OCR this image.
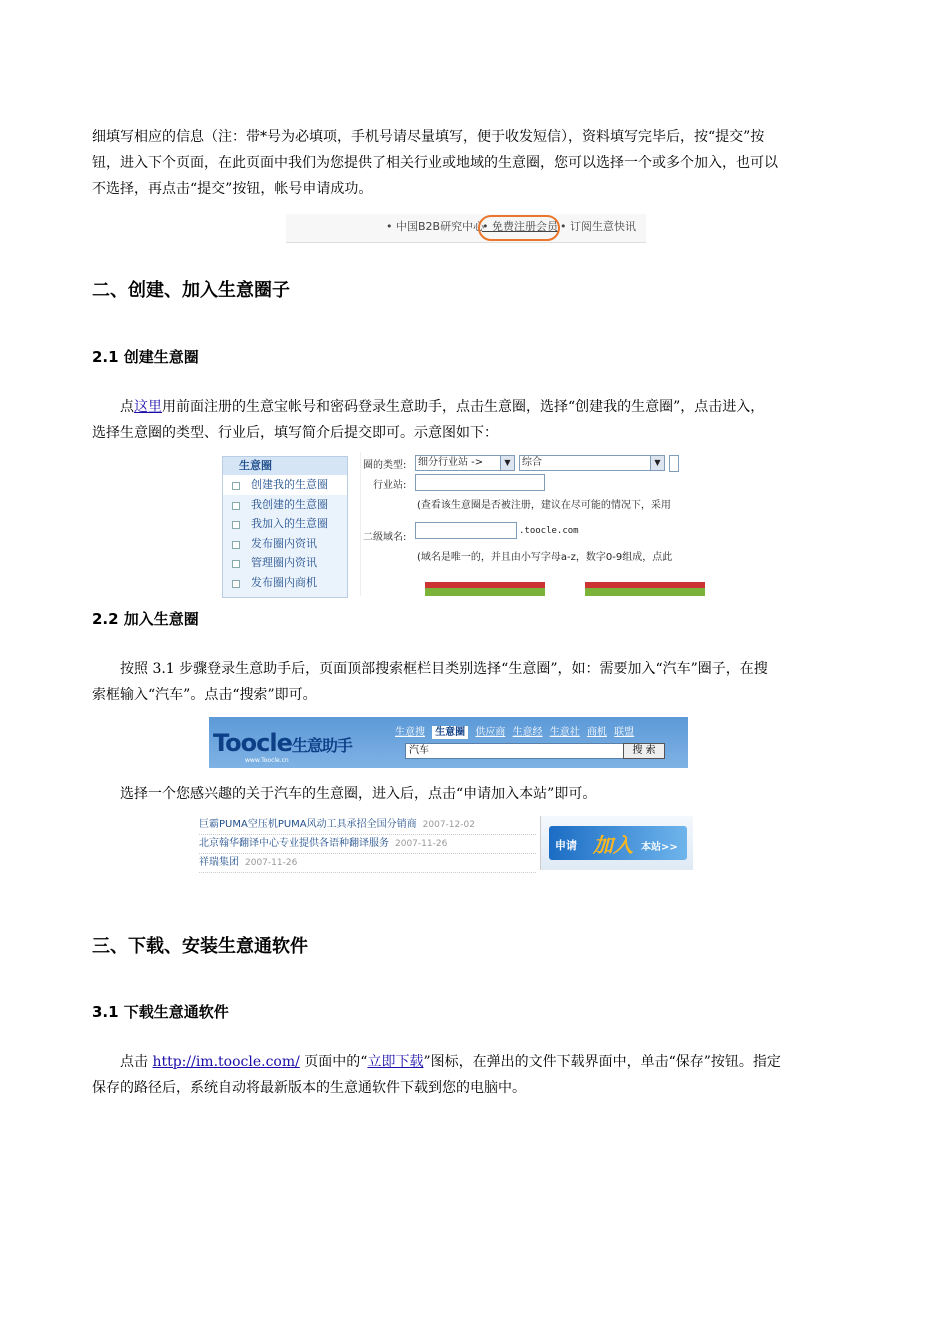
细填写相应的信息（注：带*号为必填项，手机号请尽量填写，便于收发短信），资料填写完毕后，按“提交”按
钮，进入下个页面，在此页面中我们为您提供了相关行业或地域的生意圈，您可以选择一个或多个加入，也可以
不选择，再点击“提交”按钮，帐号申请成功。
• 中国B2B研究中心
• 免费注册会员 • 订阅生意快讯
二、创建、加入生意圈子
2.1 创建生意圈
点这里用前面注册的生意宝帐号和密码登录生意助手，点击生意圈，选择“创建我的生意圈”，点击进入，
选择生意圈的类型、行业后，填写简介后提交即可。示意图如下：
生意圈
创建我的生意圈
我创建的生意圈
我加入的生意圈
发布圈内资讯
管理圈内资讯
发布圈内商机
圈的类型:	细分行业站 ->	▼	综合	▼
行业站:
(查看该生意圈是否被注册，建议在尽可能的情况下，采用
二级域名:
.toocle.com
(域名是唯一的，并且由小写字母a-z，数字0-9组成，点此
2.2 加入生意圈
按照 3.1 步骤登录生意助手后，页面顶部搜索框栏目类别选择“生意圈”，如：需要加入“汽车”圈子，在搜
索框输入“汽车”。点击“搜索”即可。
Toocle生意助手
www.Toocle.cn
生意搜 生意圈 供应商 生意经 生意社 商机 联盟
汽车	搜 索
选择一个您感兴趣的关于汽车的生意圈，进入后，点击“申请加入本站”即可。
巨霸PUMA空压机PUMA风动工具承招全国分销商 2007-12-02
北京翰华翻译中心专业提供各语种翻译服务 2007-11-26
祥瑞集团 2007-11-26
申请 加入 本站>>
三、下载、安装生意通软件
3.1 下载生意通软件
点击 http://im.toocle.com/ 页面中的“立即下载”图标，在弹出的文件下载界面中，单击“保存”按钮。指定
保存的路径后，系统自动将最新版本的生意通软件下载到您的电脑中。
